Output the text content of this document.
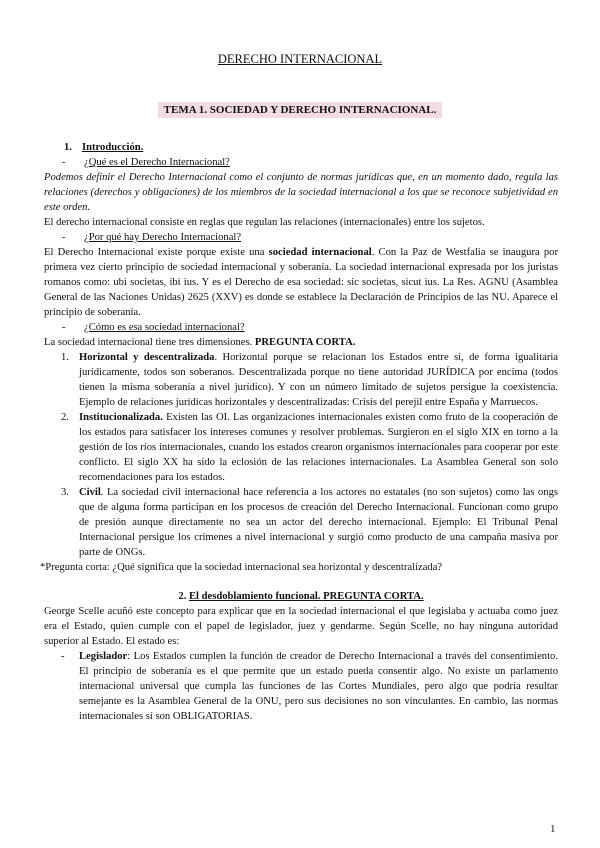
DERECHO INTERNACIONAL
TEMA 1. SOCIEDAD Y DERECHO INTERNACIONAL.

1. Introducción.

- ¿Qué es el Derecho Internacional?

Podemos definir el Derecho Internacional como el conjunto de normas jurídicas que, en un momento dado, regula las relaciones (derechos y obligaciones) de los miembros de la sociedad internacional a los que se reconoce subjetividad en este orden.

El derecho internacional consiste en reglas que regulan las relaciones (internacionales) entre los sujetos.

- ¿Por qué hay Derecho Internacional?

El Derecho Internacional existe porque existe una sociedad internacional. Con la Paz de Westfalia se inaugura por primera vez cierto principio de sociedad internacional y soberanía. La sociedad internacional expresada por los juristas romanos como: ubi societas, ibi ius. Y es el Derecho de esa sociedad: sic societas, sicut ius. La Res. AGNU (Asamblea General de las Naciones Unidas) 2625 (XXV) es donde se establece la Declaración de Principios de las NU. Aparece el principio de soberanía.

- ¿Cómo es esa sociedad internacional?

La sociedad internacional tiene tres dimensiones. PREGUNTA CORTA.

1. Horizontal y descentralizada. Horizontal porque se relacionan los Estados entre sí, de forma igualitaria jurídicamente, todos son soberanos. Descentralizada porque no tiene autoridad JURÍDICA por encima (todos tienen la misma soberanía a nivel jurídico). Y con un número limitado de sujetos persigue la coexistencia. Ejemplo de relaciones jurídicas horizontales y descentralizadas: Crisis del perejil entre España y Marruecos.
2. Institucionalizada. Existen las OI. Las organizaciones internacionales existen como fruto de la cooperación de los estados para satisfacer los intereses comunes y resolver problemas. Surgieron en el siglo XIX en torno a la gestión de los ríos internacionales, cuando los estados crearon organismos internacionales para cooperar por este conflicto. El siglo XX ha sido la eclosión de las relaciones internacionales. La Asamblea General son solo recomendaciones para los estados.
3. Civil. La sociedad civil internacional hace referencia a los actores no estatales (no son sujetos) como las ongs que de alguna forma participan en los procesos de creación del Derecho Internacional. Funcionan como grupo de presión aunque directamente no sea un actor del derecho internacional. Ejemplo: El Tribunal Penal Internacional persigue los crímenes a nivel internacional y surgió como producto de una campaña masiva por parte de ONGs.

*Pregunta corta: ¿Qué significa que la sociedad internacional sea horizontal y descentralizada?

2. El desdoblamiento funcional. PREGUNTA CORTA.

George Scelle acuñó este concepto para explicar que en la sociedad internacional el que legislaba y actuaba como juez era el Estado, quien cumple con el papel de legislador, juez y gendarme. Según Scelle, no hay ninguna autoridad superior al Estado. El estado es:

- Legislador: Los Estados cumplen la función de creador de Derecho Internacional a través del consentimiento. El principio de soberanía es el que permite que un estado pueda consentir algo. No existe un parlamento internacional universal que cumpla las funciones de las Cortes Mundiales, pero algo que podría resultar semejante es la Asamblea General de la ONU, pero sus decisiones no son vinculantes. En cambio, las normas internacionales sí son OBLIGATORIAS.
1
